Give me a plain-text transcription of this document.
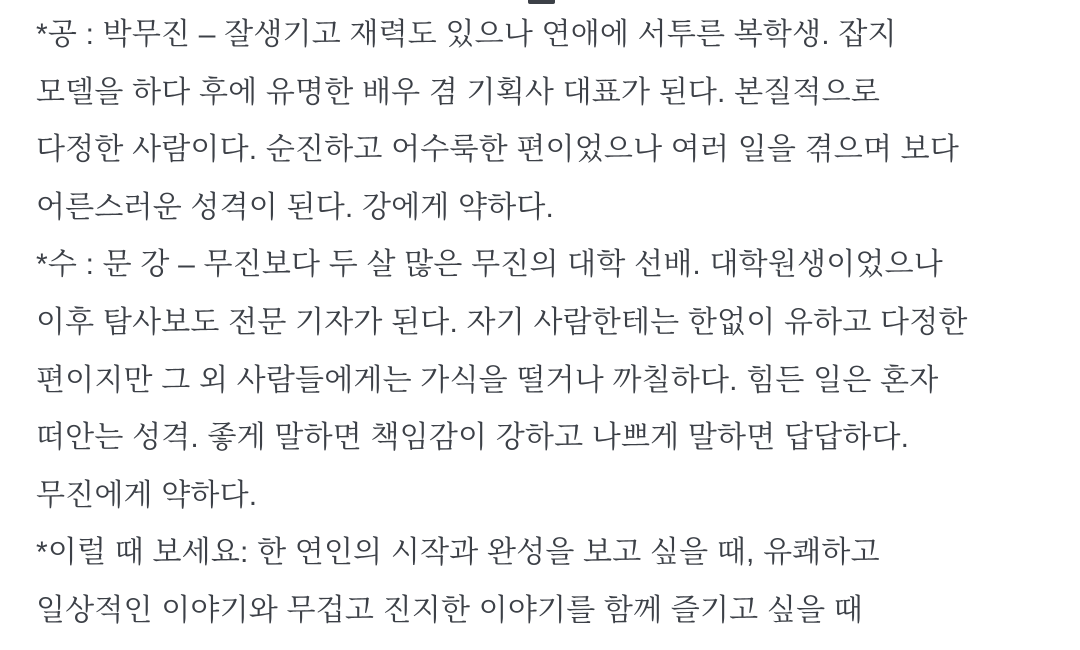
*공 : 박무진 – 잘생기고 재력도 있으나 연애에 서투른 복학생. 잡지
모델을 하다 후에 유명한 배우 겸 기획사 대표가 된다. 본질적으로
다정한 사람이다. 순진하고 어수룩한 편이었으나 여러 일을 겪으며 보다
어른스러운 성격이 된다. 강에게 약하다.
*수 : 문 강 – 무진보다 두 살 많은 무진의 대학 선배. 대학원생이었으나
이후 탐사보도 전문 기자가 된다. 자기 사람한테는 한없이 유하고 다정한
편이지만 그 외 사람들에게는 가식을 떨거나 까칠하다. 힘든 일은 혼자
떠안는 성격. 좋게 말하면 책임감이 강하고 나쁘게 말하면 답답하다.
무진에게 약하다.
*이럴 때 보세요: 한 연인의 시작과 완성을 보고 싶을 때, 유쾌하고
일상적인 이야기와 무겁고 진지한 이야기를 함께 즐기고 싶을 때
